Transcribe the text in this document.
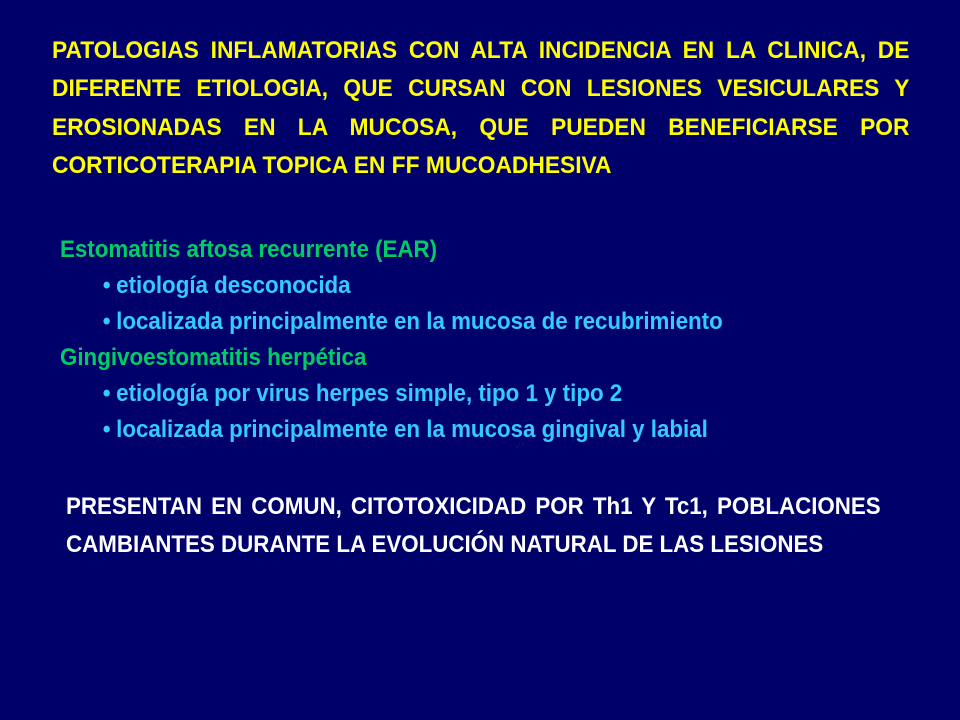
PATOLOGIAS INFLAMATORIAS CON ALTA INCIDENCIA EN LA CLINICA, DE DIFERENTE ETIOLOGIA, QUE CURSAN CON LESIONES VESICULARES Y EROSIONADAS EN LA MUCOSA, QUE PUEDEN BENEFICIARSE POR CORTICOTERAPIA TOPICA EN FF MUCOADHESIVA
Estomatitis aftosa recurrente (EAR)
• etiología desconocida
• localizada principalmente en la mucosa de recubrimiento
Gingivoestomatitis herpética
• etiología por virus herpes simple, tipo 1 y tipo 2
• localizada principalmente en la mucosa gingival y labial
PRESENTAN EN COMUN, CITOTOXICIDAD POR Th1 Y Tc1, POBLACIONES CAMBIANTES DURANTE LA EVOLUCIÓN NATURAL DE LAS LESIONES
